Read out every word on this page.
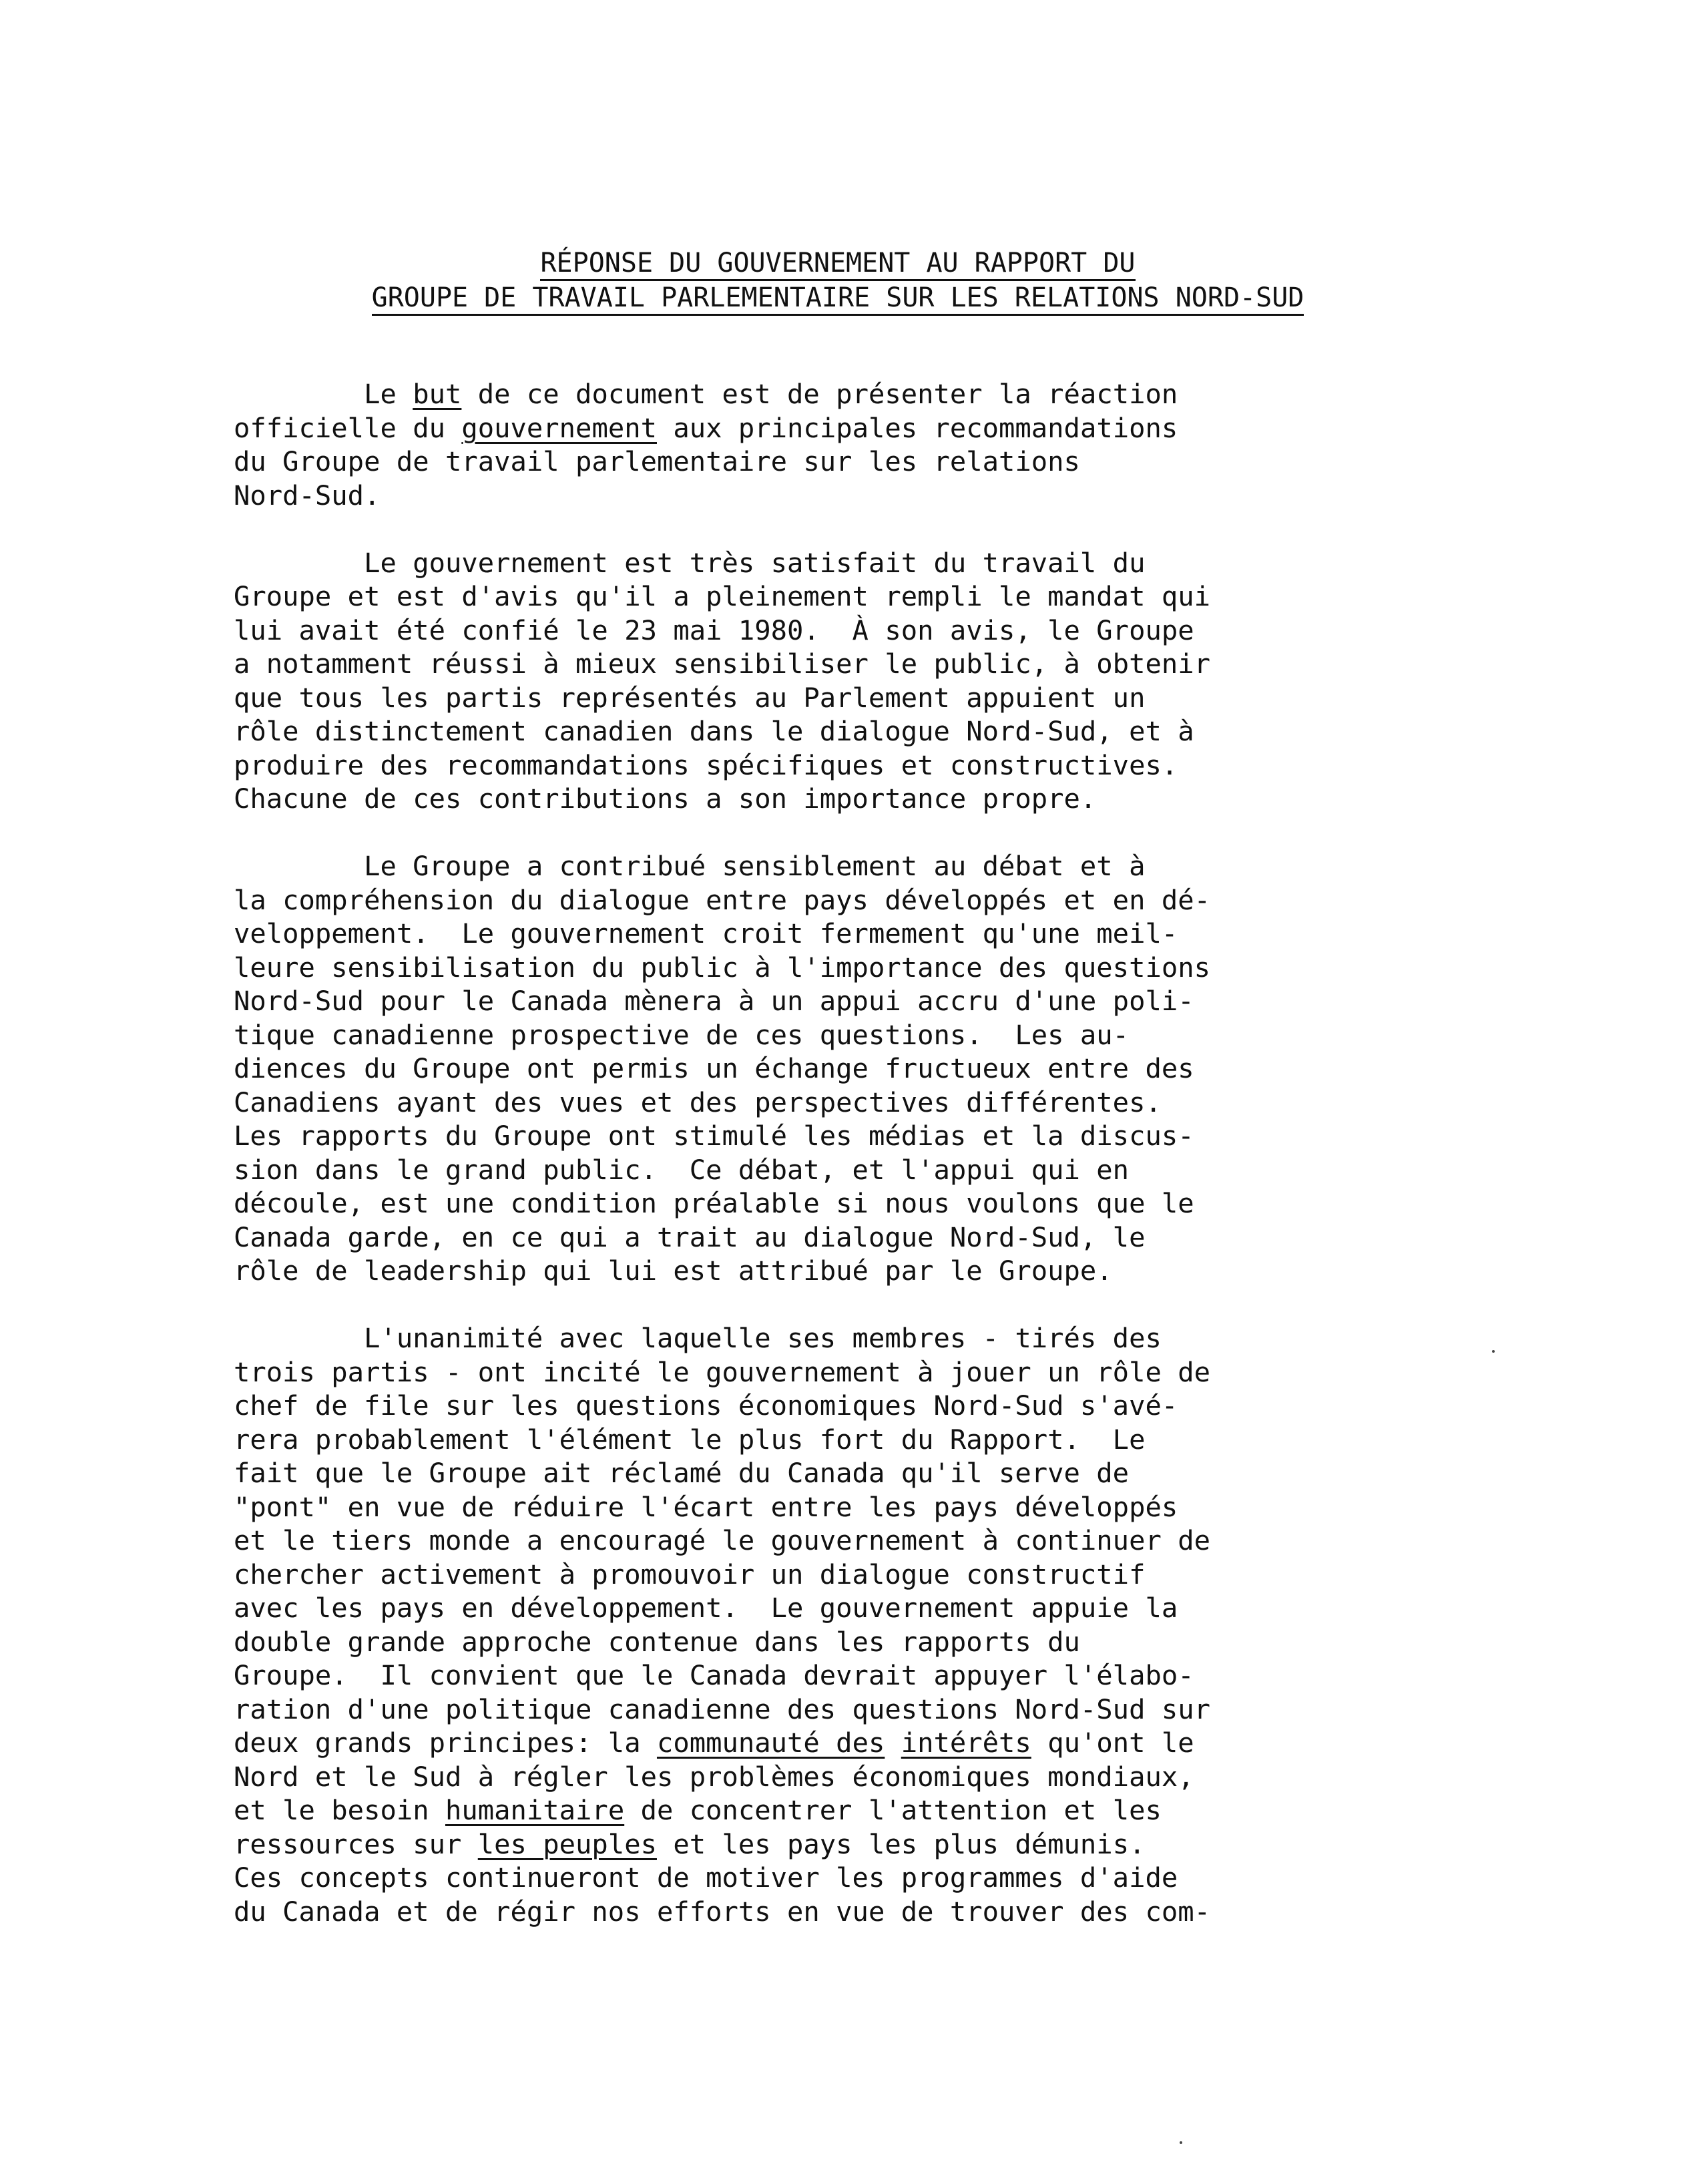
RÉPONSE DU GOUVERNEMENT AU RAPPORT DU
GROUPE DE TRAVAIL PARLEMENTAIRE SUR LES RELATIONS NORD-SUD
Le but de ce document est de présenter la réaction
officielle du gouvernement aux principales recommandations
du Groupe de travail parlementaire sur les relations
Nord-Sud.
Le gouvernement est très satisfait du travail du
Groupe et est d'avis qu'il a pleinement rempli le mandat qui
lui avait été confié le 23 mai 1980.  À son avis, le Groupe
a notamment réussi à mieux sensibiliser le public, à obtenir
que tous les partis représentés au Parlement appuient un
rôle distinctement canadien dans le dialogue Nord-Sud, et à
produire des recommandations spécifiques et constructives.
Chacune de ces contributions a son importance propre.
Le Groupe a contribué sensiblement au débat et à
la compréhension du dialogue entre pays développés et en dé-
veloppement.  Le gouvernement croit fermement qu'une meil-
leure sensibilisation du public à l'importance des questions
Nord-Sud pour le Canada mènera à un appui accru d'une poli-
tique canadienne prospective de ces questions.  Les au-
diences du Groupe ont permis un échange fructueux entre des
Canadiens ayant des vues et des perspectives différentes.
Les rapports du Groupe ont stimulé les médias et la discus-
sion dans le grand public.  Ce débat, et l'appui qui en
découle, est une condition préalable si nous voulons que le
Canada garde, en ce qui a trait au dialogue Nord-Sud, le
rôle de leadership qui lui est attribué par le Groupe.
L'unanimité avec laquelle ses membres - tirés des
trois partis - ont incité le gouvernement à jouer un rôle de
chef de file sur les questions économiques Nord-Sud s'avé-
rera probablement l'élément le plus fort du Rapport.  Le
fait que le Groupe ait réclamé du Canada qu'il serve de
"pont" en vue de réduire l'écart entre les pays développés
et le tiers monde a encouragé le gouvernement à continuer de
chercher activement à promouvoir un dialogue constructif
avec les pays en développement.  Le gouvernement appuie la
double grande approche contenue dans les rapports du
Groupe.  Il convient que le Canada devrait appuyer l'élabo-
ration d'une politique canadienne des questions Nord-Sud sur
deux grands principes: la communauté des intérêts qu'ont le
Nord et le Sud à régler les problèmes économiques mondiaux,
et le besoin humanitaire de concentrer l'attention et les
ressources sur les peuples et les pays les plus démunis.
Ces concepts continueront de motiver les programmes d'aide
du Canada et de régir nos efforts en vue de trouver des com-
